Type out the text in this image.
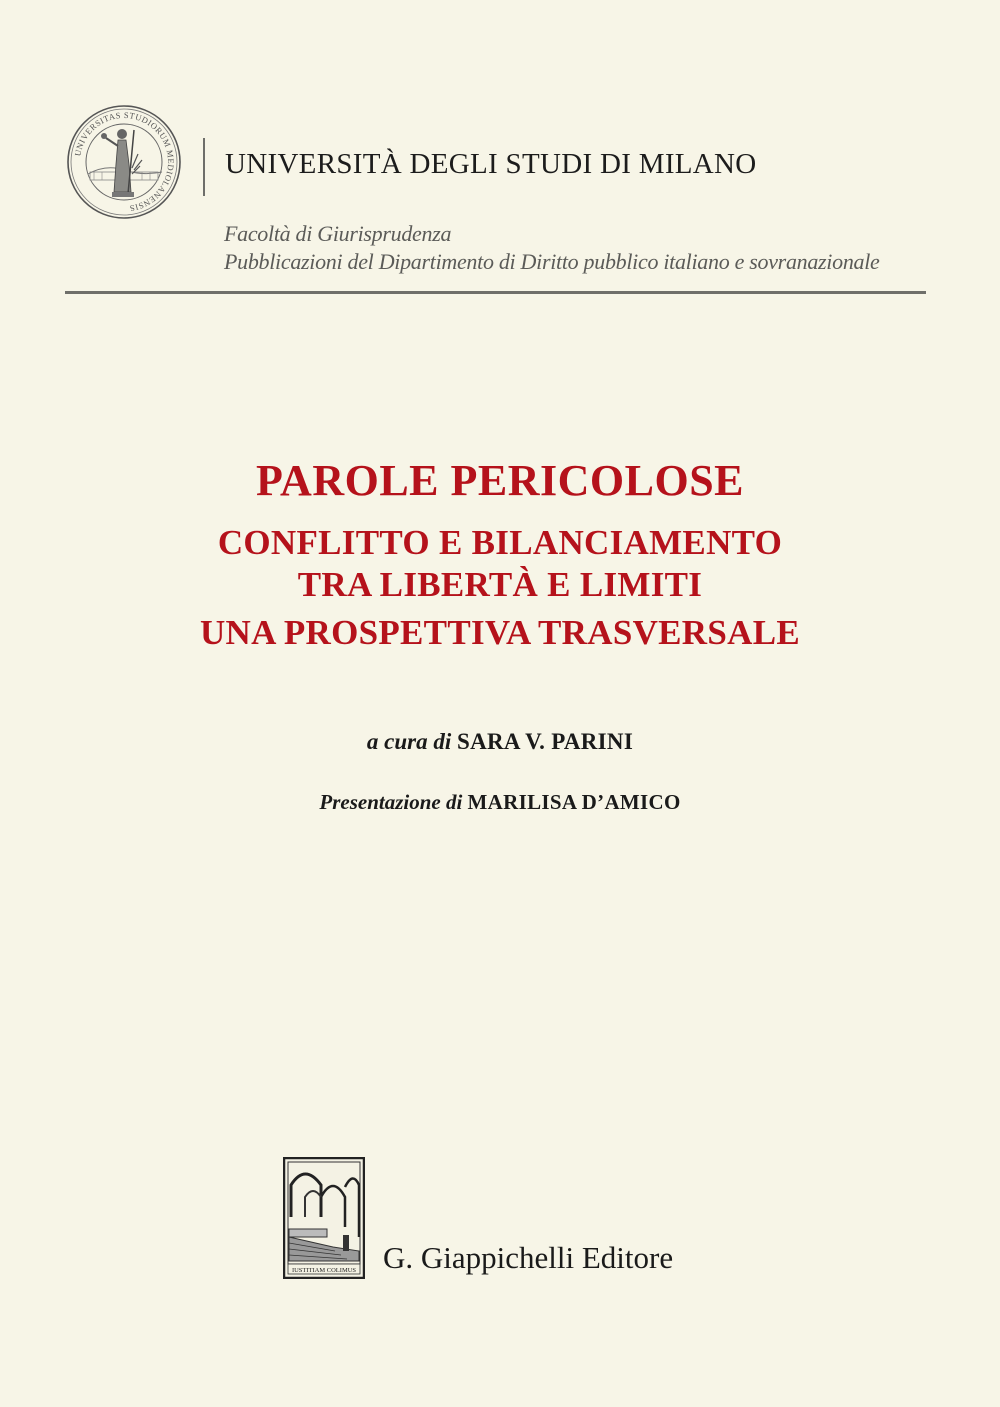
UNIVERSITAS STUDIORUM MEDIOLANENSIS
UNIVERSITÀ DEGLI STUDI DI MILANO
Facoltà di Giurisprudenza
Pubblicazioni del Dipartimento di Diritto pubblico italiano e sovranazionale
PAROLE PERICOLOSE
CONFLITTO E BILANCIAMENTO
TRA LIBERTÀ E LIMITI
UNA PROSPETTIVA TRASVERSALE
a cura di SARA V. PARINI
Presentazione di MARILISA D’AMICO
IUSTITIAM COLIMUS G. Giappichelli Editore
